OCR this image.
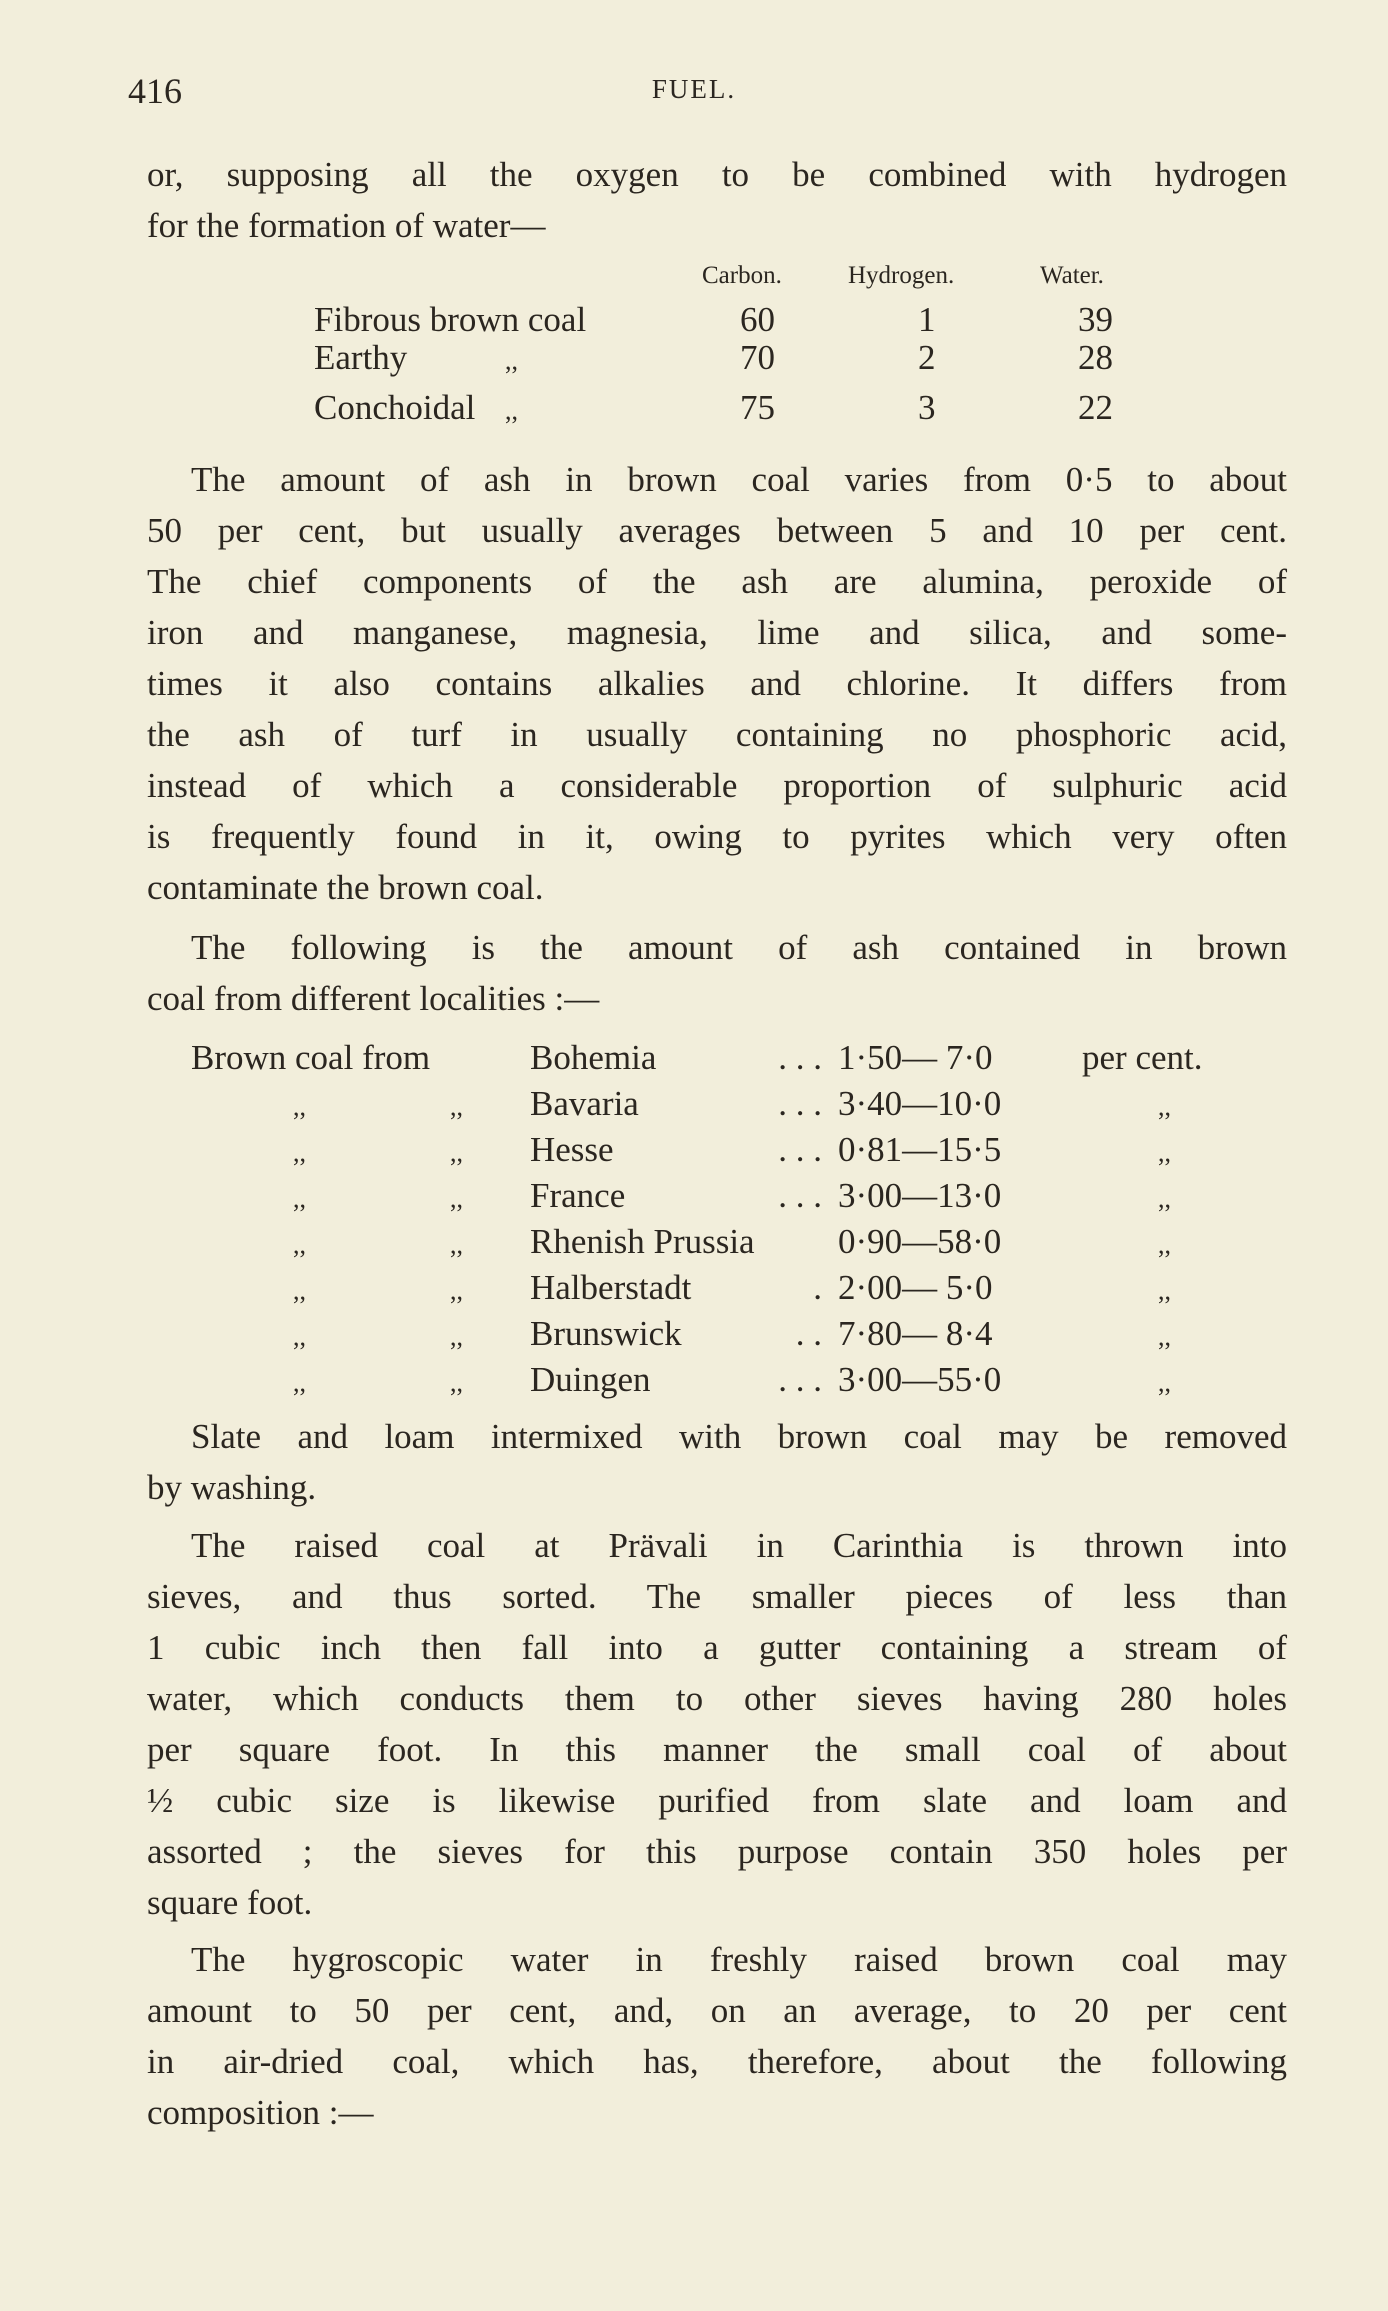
416	FUEL.
or, supposing all the oxygen to be combined with hydrogen
for the formation of water—
Carbon.	Hydrogen.	Water.
Fibrous brown coal	60	1	39
Earthy	,,	70	2	28
Conchoidal ,,	75	3	22
The amount of ash in brown coal varies from 0·5 to about
50 per cent, but usually averages between 5 and 10 per cent.
The chief components of the ash are alumina, peroxide of
iron and manganese, magnesia, lime and silica, and some-
times it also contains alkalies and chlorine. It differs from
the ash of turf in usually containing no phosphoric acid,
instead of which a considerable proportion of sulphuric acid
is frequently found in it, owing to pyrites which very often
contaminate the brown coal.
The following is the amount of ash contained in brown
coal from different localities :—
Brown coal from	Bohemia	. . . 1·50— 7·0	per cent.
,,	,, Bavaria	. . . 3·40—10·0	,,
,,	,, Hesse	. . . 0·81—15·5	,,
,,	,, France	. . . 3·00—13·0	,,
,,	,, Rhenish Prussia 0·90—58·0	,,
,,	,, Halberstadt	. 2·00— 5·0	,,
,,	,, Brunswick	. . 7·80— 8·4	,,
,,	,, Duingen	. . . 3·00—55·0	,,
Slate and loam intermixed with brown coal may be removed
by washing.
The raised coal at Prävali in Carinthia is thrown into
sieves, and thus sorted. The smaller pieces of less than
1 cubic inch then fall into a gutter containing a stream of
water, which conducts them to other sieves having 280 holes
per square foot. In this manner the small coal of about
½ cubic size is likewise purified from slate and loam and
assorted ; the sieves for this purpose contain 350 holes per
square foot.
The hygroscopic water in freshly raised brown coal may
amount to 50 per cent, and, on an average, to 20 per cent
in air-dried coal, which has, therefore, about the following
composition :—
